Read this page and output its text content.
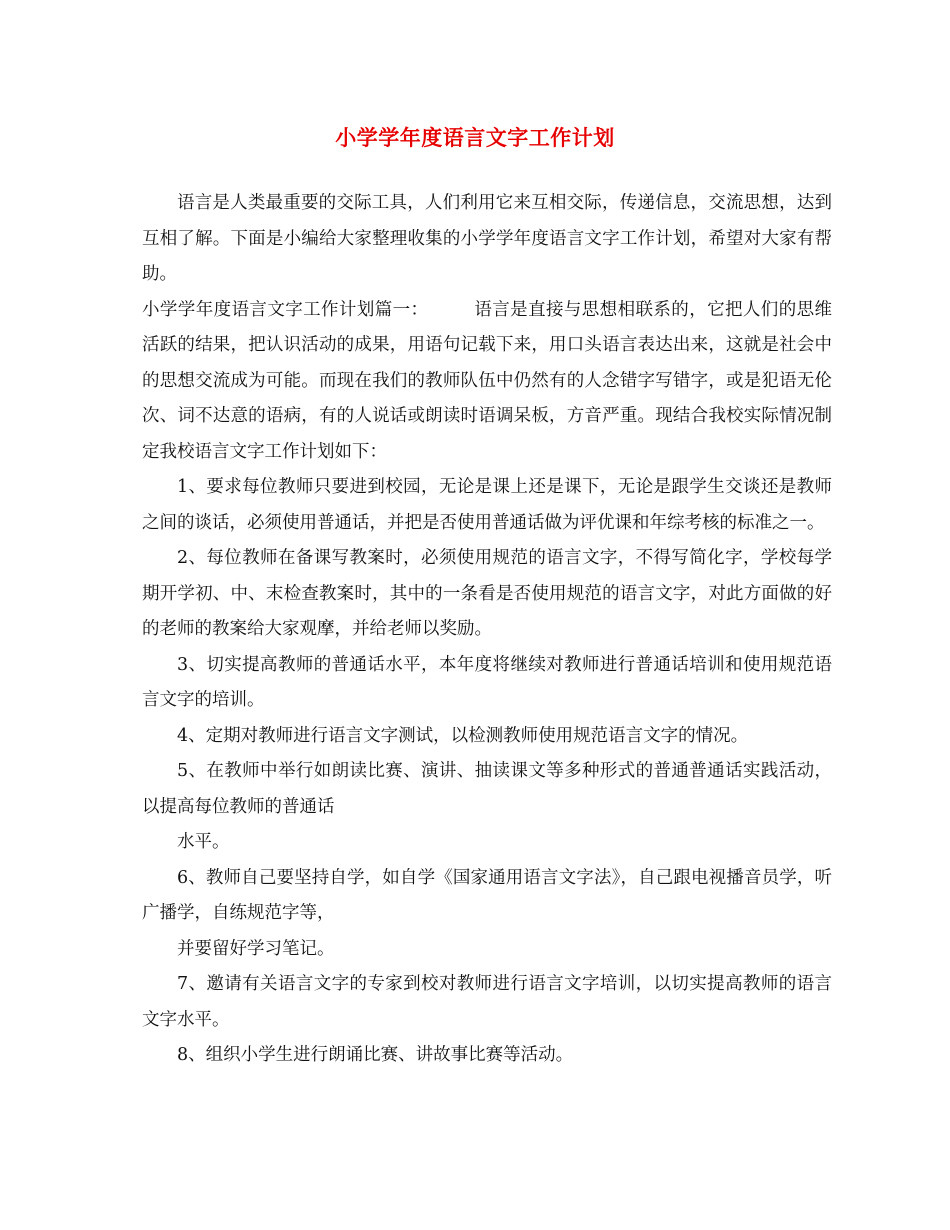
小学学年度语言文字工作计划

语言是人类最重要的交际工具，人们利用它来互相交际，传递信息，交流思想，达到互相了解。下面是小编给大家整理收集的小学学年度语言文字工作计划，希望对大家有帮助。

小学学年度语言文字工作计划篇一：	语言是直接与思想相联系的，它把人们的思维活跃的结果，把认识活动的成果，用语句记载下来，用口头语言表达出来，这就是社会中的思想交流成为可能。而现在我们的教师队伍中仍然有的人念错字写错字，或是犯语无伦次、词不达意的语病，有的人说话或朗读时语调呆板，方音严重。现结合我校实际情况制定我校语言文字工作计划如下：

1、要求每位教师只要进到校园，无论是课上还是课下，无论是跟学生交谈还是教师之间的谈话，必须使用普通话，并把是否使用普通话做为评优课和年综考核的标准之一。

2、每位教师在备课写教案时，必须使用规范的语言文字，不得写简化字，学校每学期开学初、中、末检查教案时，其中的一条看是否使用规范的语言文字，对此方面做的好的老师的教案给大家观摩，并给老师以奖励。

3、切实提高教师的普通话水平，本年度将继续对教师进行普通话培训和使用规范语言文字的培训。

4、定期对教师进行语言文字测试，以检测教师使用规范语言文字的情况。

5、在教师中举行如朗读比赛、演讲、抽读课文等多种形式的普通普通话实践活动，以提高每位教师的普通话

水平。

6、教师自己要坚持自学，如自学《国家通用语言文字法》，自己跟电视播音员学，听广播学，自练规范字等，

并要留好学习笔记。

7、邀请有关语言文字的专家到校对教师进行语言文字培训，以切实提高教师的语言文字水平。

8、组织小学生进行朗诵比赛、讲故事比赛等活动。
